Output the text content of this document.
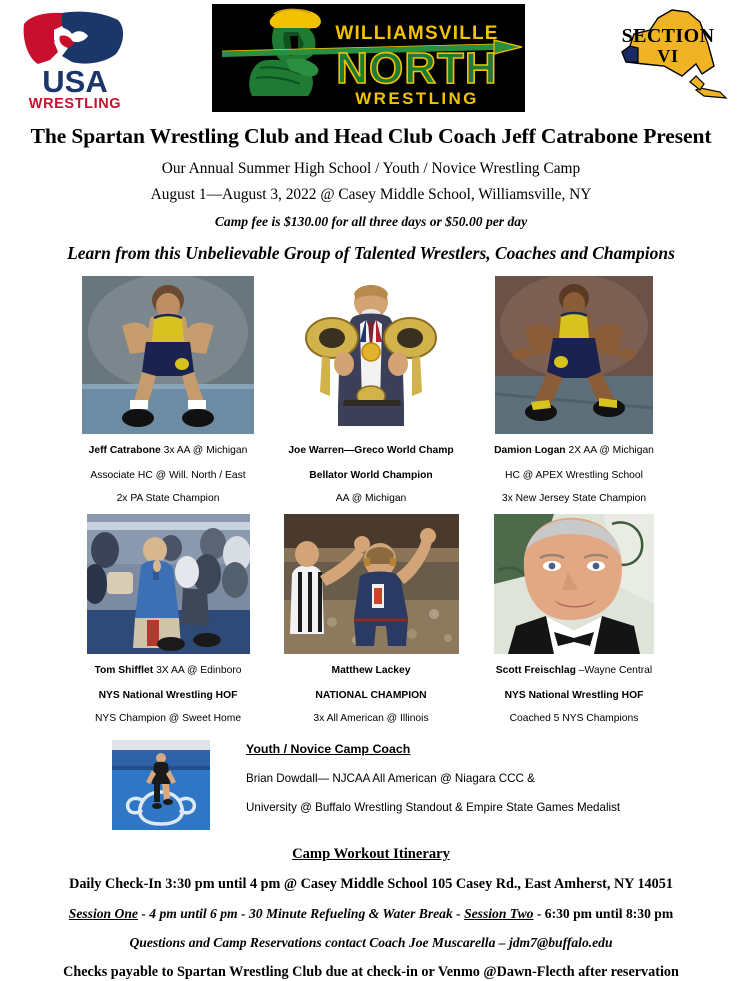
USA
WRESTLING
WILLIAMSVILLE
NORTH
WRESTLING
SECTION
VI
The Spartan Wrestling Club and Head Club Coach Jeff Catrabone Present
Our Annual Summer High School / Youth / Novice Wrestling Camp
August 1—August 3, 2022 @ Casey Middle School, Williamsville, NY
Camp fee is $130.00 for all three days or $50.00 per day
Learn from this Unbelievable Group of Talented Wrestlers, Coaches and Champions
Jeff Catrabone 3x AA @ Michigan
Associate HC @ Will. North / East
2x PA State Champion
Joe Warren—Greco World Champ
Bellator World Champion
AA @ Michigan
Damion Logan 2X AA @ Michigan
HC @ APEX Wrestling School
3x New Jersey State Champion
Tom Shifflet 3X AA @ Edinboro
NYS National Wrestling HOF
NYS Champion @ Sweet Home
Matthew Lackey
NATIONAL CHAMPION
3x All American @ Illinois
Scott Freischlag –Wayne Central
NYS National Wrestling HOF
Coached 5 NYS Champions
Youth / Novice Camp Coach
Brian Dowdall— NJCAA All American @ Niagara CCC &
University @ Buffalo Wrestling Standout & Empire State Games Medalist
Camp Workout Itinerary
Daily Check-In 3:30 pm until 4 pm @ Casey Middle School 105 Casey Rd., East Amherst, NY 14051
Session One - 4 pm until 6 pm - 30 Minute Refueling & Water Break - Session Two - 6:30 pm until 8:30 pm
Questions and Camp Reservations contact Coach Joe Muscarella – jdm7@buffalo.edu
Checks payable to Spartan Wrestling Club due at check-in or Venmo @Dawn-Flecth after reservation
